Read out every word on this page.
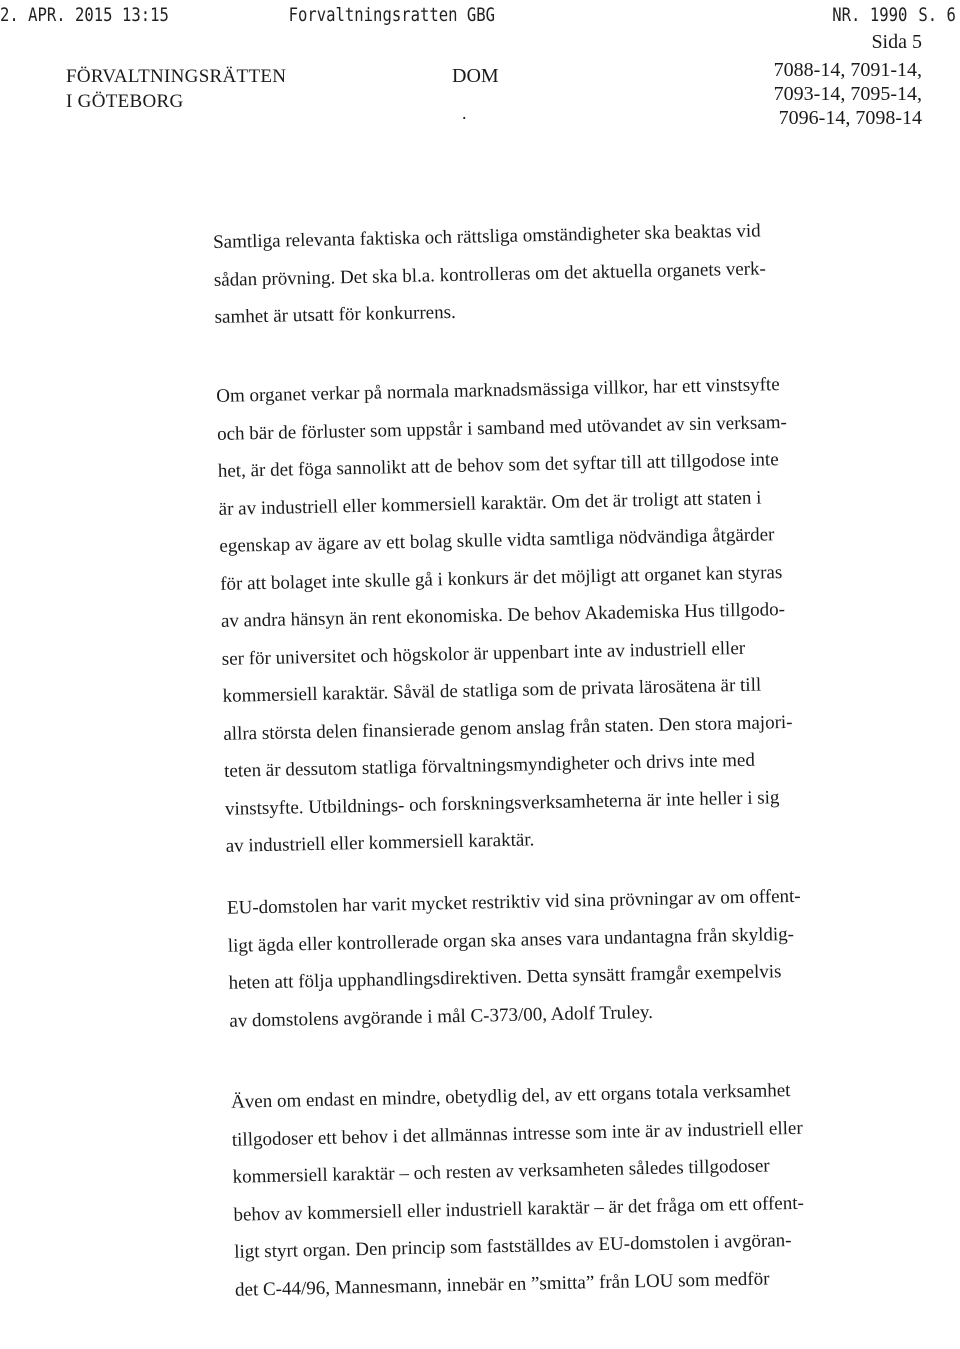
2. APR. 2015 13:15	Forvaltningsratten GBG	NR. 1990 S. 6
FÖRVALTNINGSRÄTTEN
I GÖTEBORG
DOM
.
Sida 5
7088-14, 7091-14,
7093-14, 7095-14,
7096-14, 7098-14
Samtliga relevanta faktiska och rättsliga omständigheter ska beaktas vid
sådan prövning. Det ska bl.a. kontrolleras om det aktuella organets verk-
samhet är utsatt för konkurrens.
Om organet verkar på normala marknadsmässiga villkor, har ett vinstsyfte
och bär de förluster som uppstår i samband med utövandet av sin verksam-
het, är det föga sannolikt att de behov som det syftar till att tillgodose inte
är av industriell eller kommersiell karaktär. Om det är troligt att staten i
egenskap av ägare av ett bolag skulle vidta samtliga nödvändiga åtgärder
för att bolaget inte skulle gå i konkurs är det möjligt att organet kan styras
av andra hänsyn än rent ekonomiska. De behov Akademiska Hus tillgodo-
ser för universitet och högskolor är uppenbart inte av industriell eller
kommersiell karaktär. Såväl de statliga som de privata lärosätena är till
allra största delen finansierade genom anslag från staten. Den stora majori-
teten är dessutom statliga förvaltningsmyndigheter och drivs inte med
vinstsyfte. Utbildnings- och forskningsverksamheterna är inte heller i sig
av industriell eller kommersiell karaktär.
EU-domstolen har varit mycket restriktiv vid sina prövningar av om offent-
ligt ägda eller kontrollerade organ ska anses vara undantagna från skyldig-
heten att följa upphandlingsdirektiven. Detta synsätt framgår exempelvis
av domstolens avgörande i mål C-373/00, Adolf Truley.
Även om endast en mindre, obetydlig del, av ett organs totala verksamhet
tillgodoser ett behov i det allmännas intresse som inte är av industriell eller
kommersiell karaktär – och resten av verksamheten således tillgodoser
behov av kommersiell eller industriell karaktär – är det fråga om ett offent-
ligt styrt organ. Den princip som fastställdes av EU-domstolen i avgöran-
det C-44/96, Mannesmann, innebär en ”smitta” från LOU som medför
